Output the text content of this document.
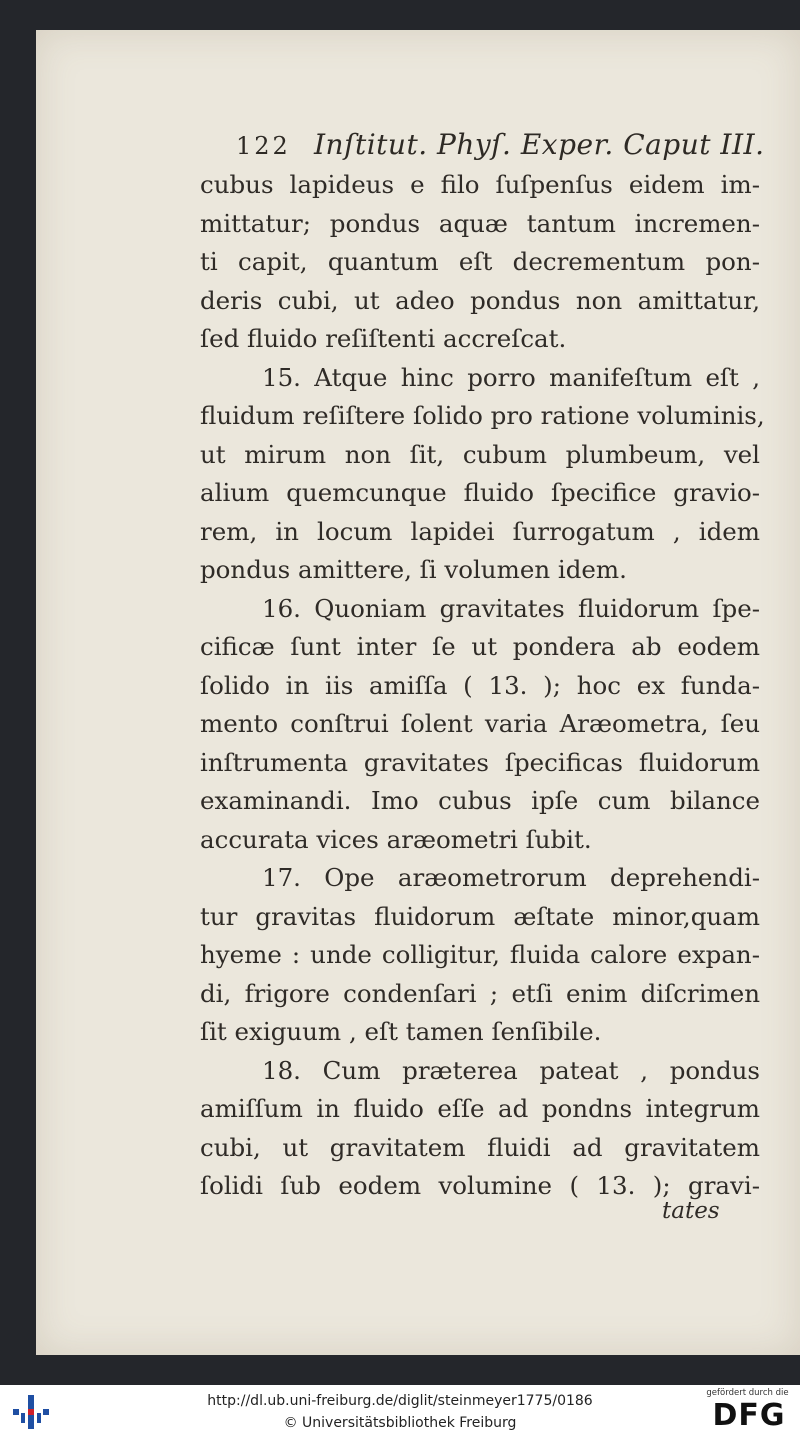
122 Inſtitut. Phyſ. Exper. Caput III.
cubus lapideus e filo ſuſpenſus eidem im-
mittatur; pondus aquæ tantum incremen-
ti capit, quantum eſt decrementum pon-
deris cubi, ut adeo pondus non amittatur,
ſed fluido reſiſtenti accreſcat.
15. Atque hinc porro manifeſtum eſt ,
fluidum reſiſtere ſolido pro ratione voluminis,
ut mirum non ſit, cubum plumbeum, vel
alium quemcunque fluido ſpecifice gravio-
rem, in locum lapidei ſurrogatum , idem
pondus amittere, ſi volumen idem.
16. Quoniam gravitates fluidorum ſpe-
cificæ ſunt inter ſe ut pondera ab eodem
ſolido in iis amiſſa ( 13. ); hoc ex funda-
mento conſtrui ſolent varia Aræometra, ſeu
inſtrumenta gravitates ſpecificas fluidorum
examinandi. Imo cubus ipſe cum bilance
accurata vices aræometri ſubit.
17. Ope aræometrorum deprehendi-
tur gravitas fluidorum æſtate minor,quam
hyeme : unde colligitur, fluida calore expan-
di, frigore condenſari ; etſi enim diſcrimen
ſit exiguum , eſt tamen ſenſibile.
18. Cum præterea pateat , pondus
amiſſum in fluido eſſe ad pondns integrum
cubi, ut gravitatem fluidi ad gravitatem
ſolidi ſub eodem volumine ( 13. ); gravi-
tates
http://dl.ub.uni-freiburg.de/diglit/steinmeyer1775/0186
© Universitätsbibliothek Freiburg
gefördert durch die
DFG
